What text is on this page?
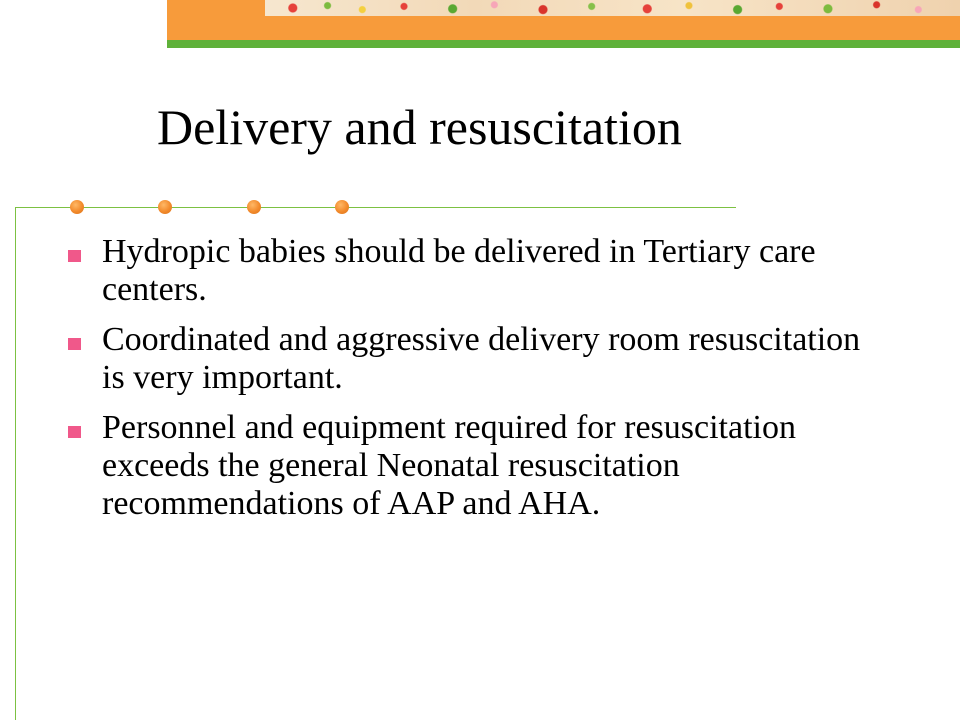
Delivery and resuscitation
Hydropic babies should be delivered in Tertiary care centers.
Coordinated and aggressive delivery room resuscitation is very important.
Personnel and equipment required for resuscitation exceeds the general Neonatal resuscitation recommendations of AAP and AHA.
